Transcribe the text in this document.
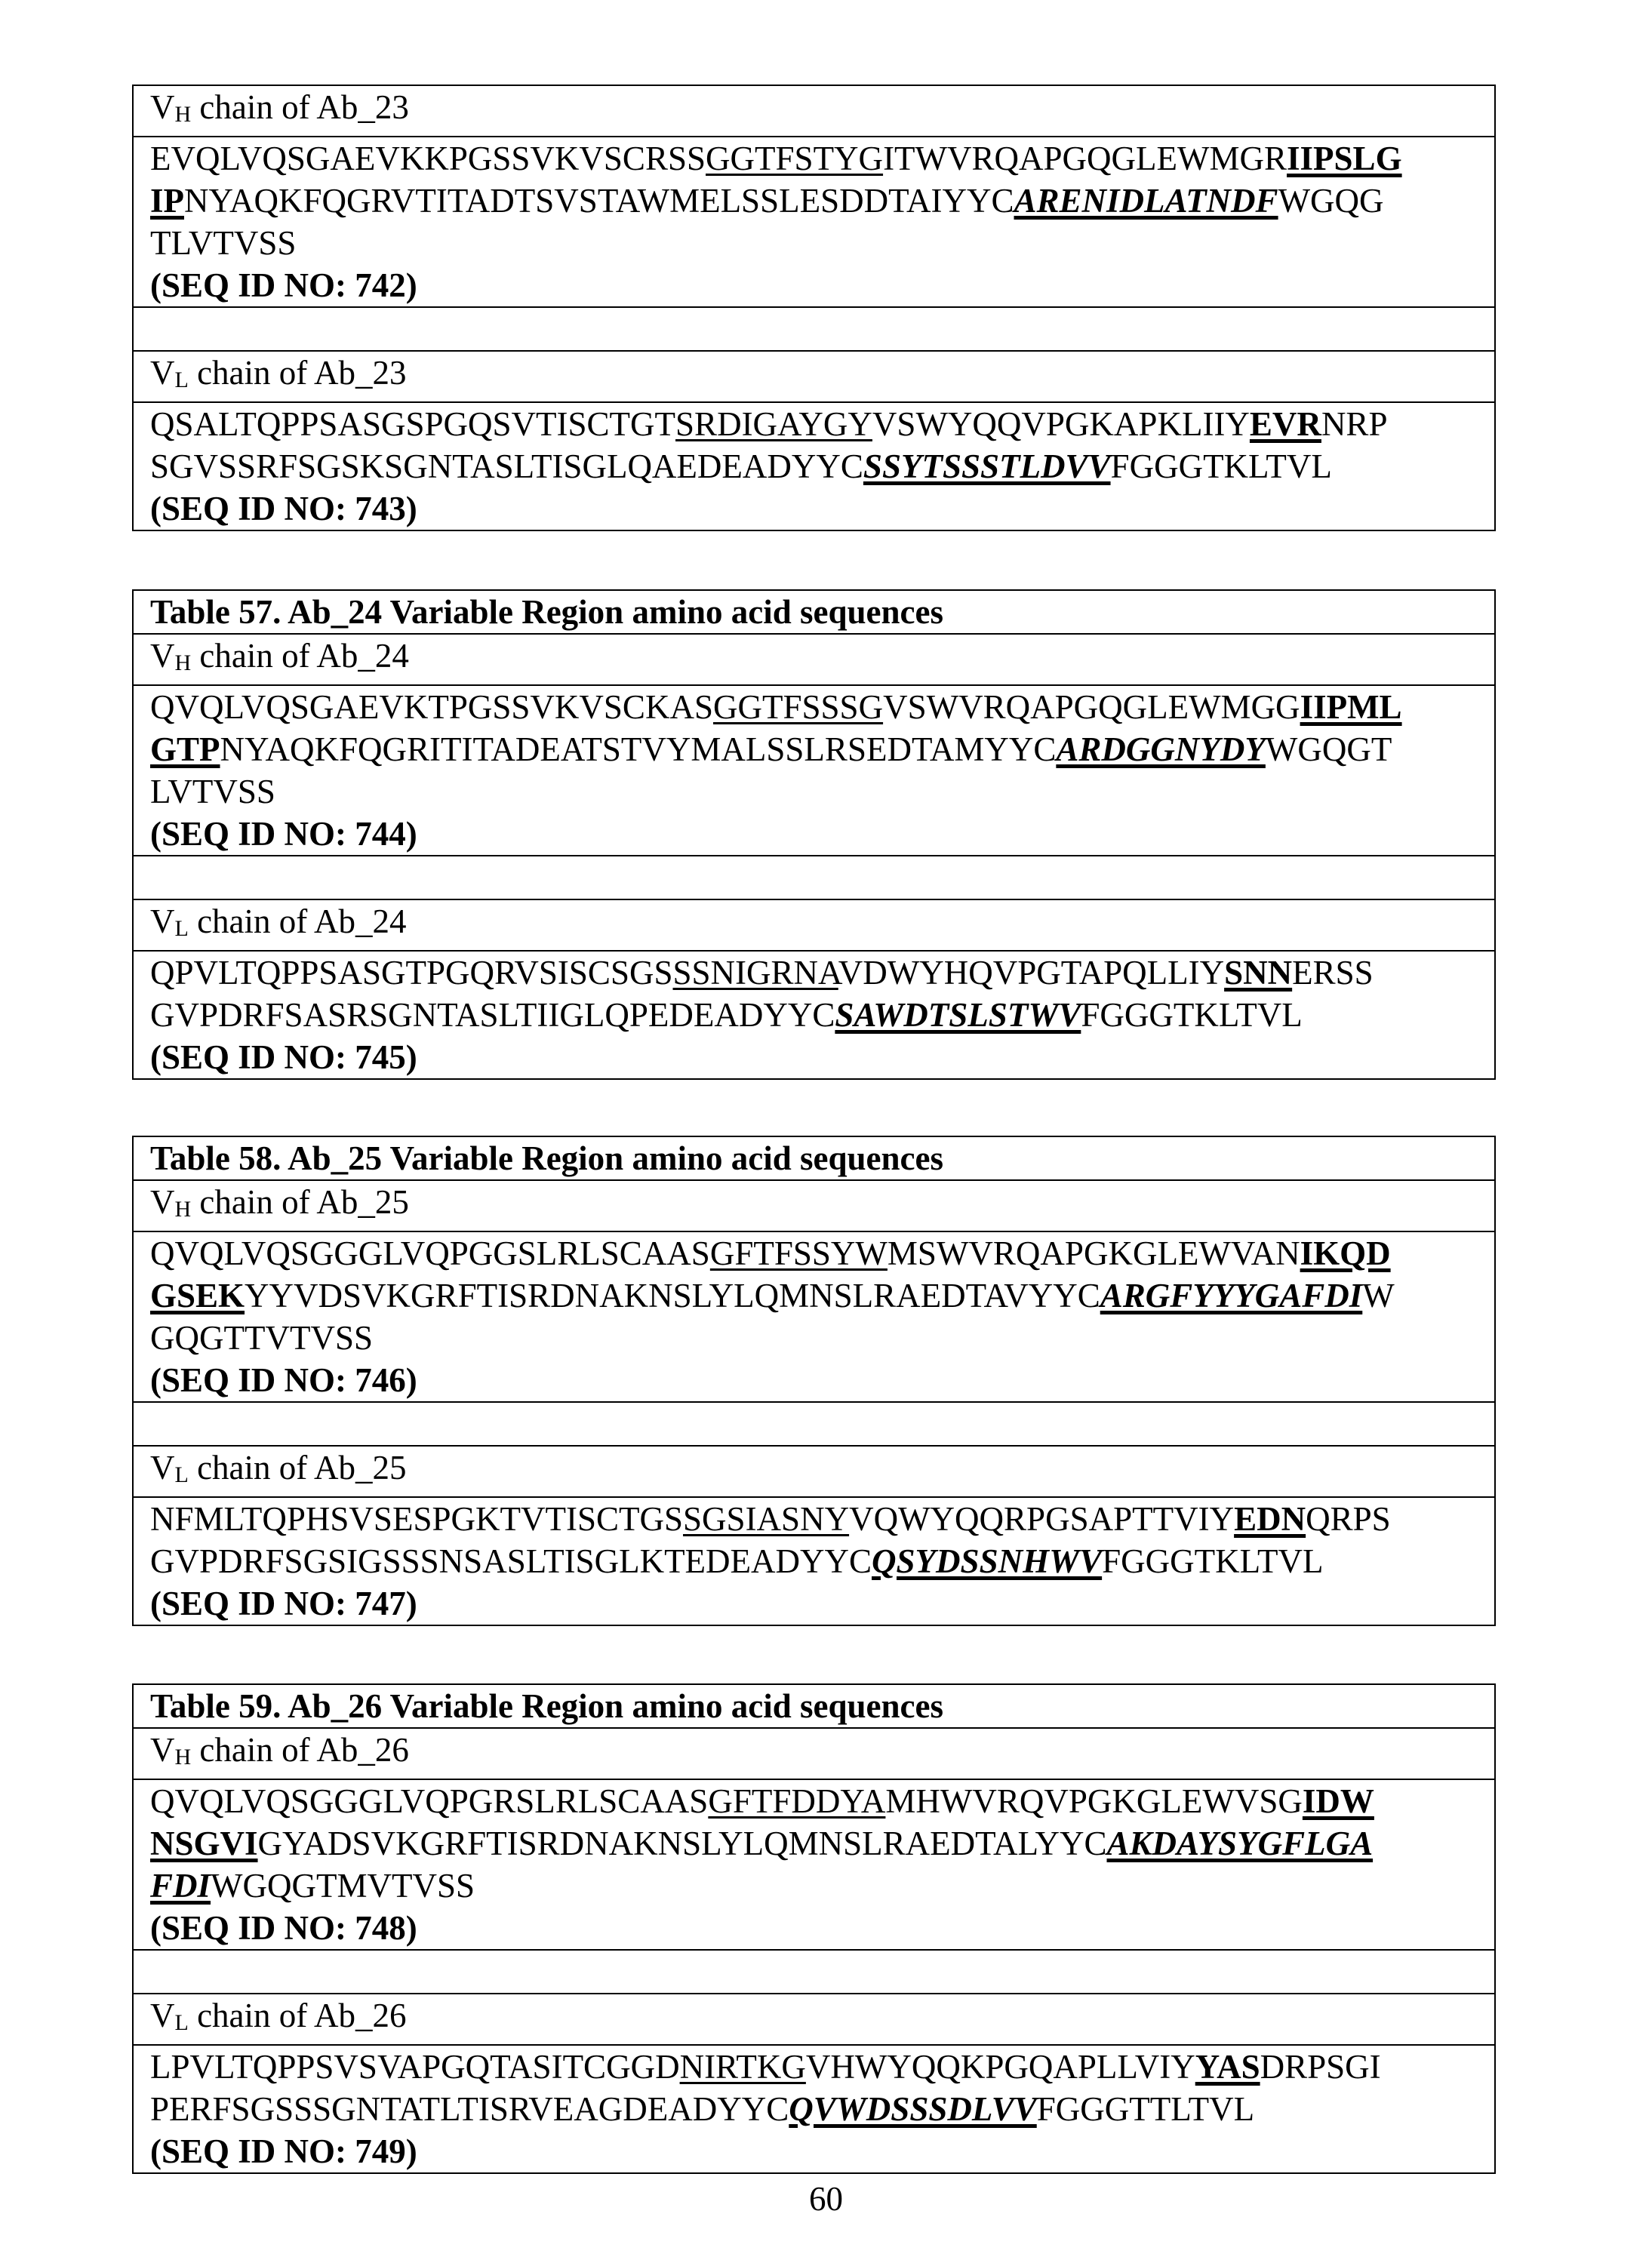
VH chain of Ab_23
EVQLVQSGAEVKKPGSSVKVSCRSSGGTFSTYGITWVRQAPGQGLEWMGRIIPSLG
IPNYAQKFQGRVTITADTSVSTAWMELSSLESDDTAIYYCARENIDLATNDFWGQG
TLVTVSS
(SEQ ID NO: 742)
VL chain of Ab_23
QSALTQPPSASGSPGQSVTISCTGTSRDIGAYGYVSWYQQVPGKAPKLIIYEVRNRP
SGVSSRFSGSKSGNTASLTISGLQAEDEADYYCSSYTSSSTLDVVFGGGTKLTVL
(SEQ ID NO: 743)
Table 57. Ab_24 Variable Region amino acid sequences
VH chain of Ab_24
QVQLVQSGAEVKTPGSSVKVSCKASGGTFSSSGVSWVRQAPGQGLEWMGGIIPML
GTPNYAQKFQGRITITADEATSTVYMALSSLRSEDTAMYYCARDGGNYDYWGQGT
LVTVSS
(SEQ ID NO: 744)
VL chain of Ab_24
QPVLTQPPSASGTPGQRVSISCSGSSSNIGRNAVDWYHQVPGTAPQLLIYSNNERSS
GVPDRFSASRSGNTASLTIIGLQPEDEADYYCSAWDTSLSTWVFGGGTKLTVL
(SEQ ID NO: 745)
Table 58. Ab_25 Variable Region amino acid sequences
VH chain of Ab_25
QVQLVQSGGGLVQPGGSLRLSCAASGFTFSSYWMSWVRQAPGKGLEWVANIKQD
GSEKYYVDSVKGRFTISRDNAKNSLYLQMNSLRAEDTAVYYCARGFYYYGAFDIW
GQGTTVTVSS
(SEQ ID NO: 746)
VL chain of Ab_25
NFMLTQPHSVSESPGKTVTISCTGSSGSIASNYVQWYQQRPGSAPTTVIYEDNQRPS
GVPDRFSGSIGSSSNSASLTISGLKTEDEADYYCQSYDSSNHWVFGGGTKLTVL
(SEQ ID NO: 747)
Table 59. Ab_26 Variable Region amino acid sequences
VH chain of Ab_26
QVQLVQSGGGLVQPGRSLRLSCAASGFTFDDYAMHWVRQVPGKGLEWVSGIDW
NSGVIGYADSVKGRFTISRDNAKNSLYLQMNSLRAEDTALYYCAKDAYSYGFLGA
FDIWGQGTMVTVSS
(SEQ ID NO: 748)
VL chain of Ab_26
LPVLTQPPSVSVAPGQTASITCGGDNIRTKGVHWYQQKPGQAPLLVIYYASDRPSGI
PERFSGSSSGNTATLTISRVEAGDEADYYCQVWDSSSDLVVFGGGTTLTVL
(SEQ ID NO: 749)
60
